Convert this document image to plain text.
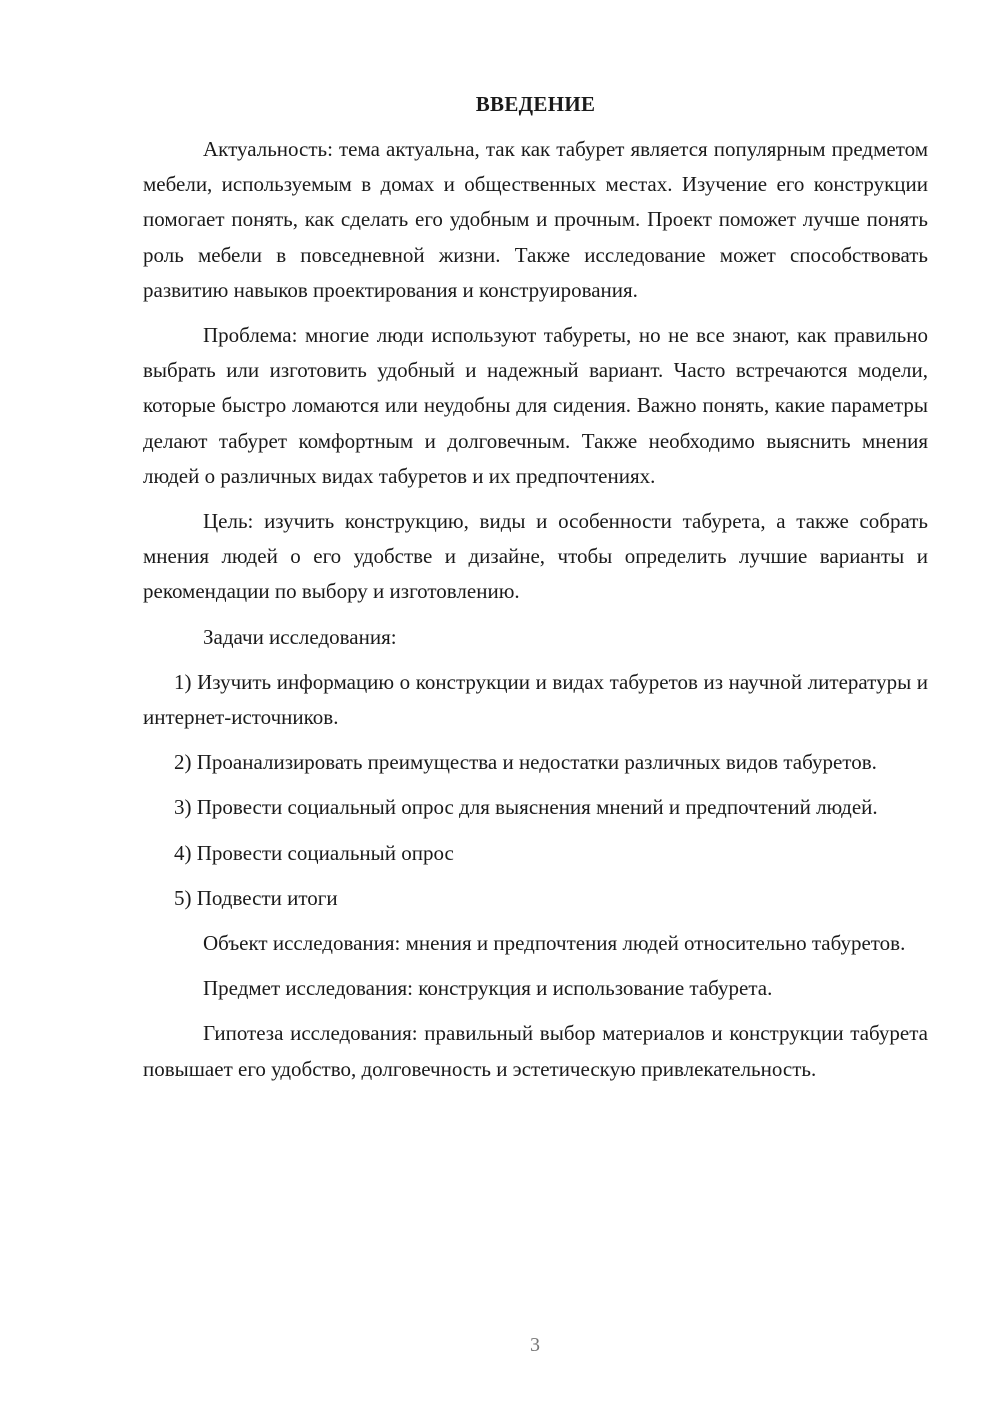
ВВЕДЕНИЕ

Актуальность: тема актуальна, так как табурет является популярным предметом мебели, используемым в домах и общественных местах. Изучение его конструкции помогает понять, как сделать его удобным и прочным. Проект поможет лучше понять роль мебели в повседневной жизни. Также исследование может способствовать развитию навыков проектирования и конструирования.

Проблема: многие люди используют табуреты, но не все знают, как правильно выбрать или изготовить удобный и надежный вариант. Часто встречаются модели, которые быстро ломаются или неудобны для сидения. Важно понять, какие параметры делают табурет комфортным и долговечным. Также необходимо выяснить мнения людей о различных видах табуретов и их предпочтениях.

Цель: изучить конструкцию, виды и особенности табурета, а также собрать мнения людей о его удобстве и дизайне, чтобы определить лучшие варианты и рекомендации по выбору и изготовлению.

Задачи исследования:

1) Изучить информацию о конструкции и видах табуретов из научной литературы и интернет-источников.

2) Проанализировать преимущества и недостатки различных видов табуретов.

3) Провести социальный опрос для выяснения мнений и предпочтений людей.

4) Провести социальный опрос

5) Подвести итоги

Объект исследования: мнения и предпочтения людей относительно табуретов.

Предмет исследования: конструкция и использование табурета.

Гипотеза исследования: правильный выбор материалов и конструкции табурета повышает его удобство, долговечность и эстетическую привлекательность.

3
